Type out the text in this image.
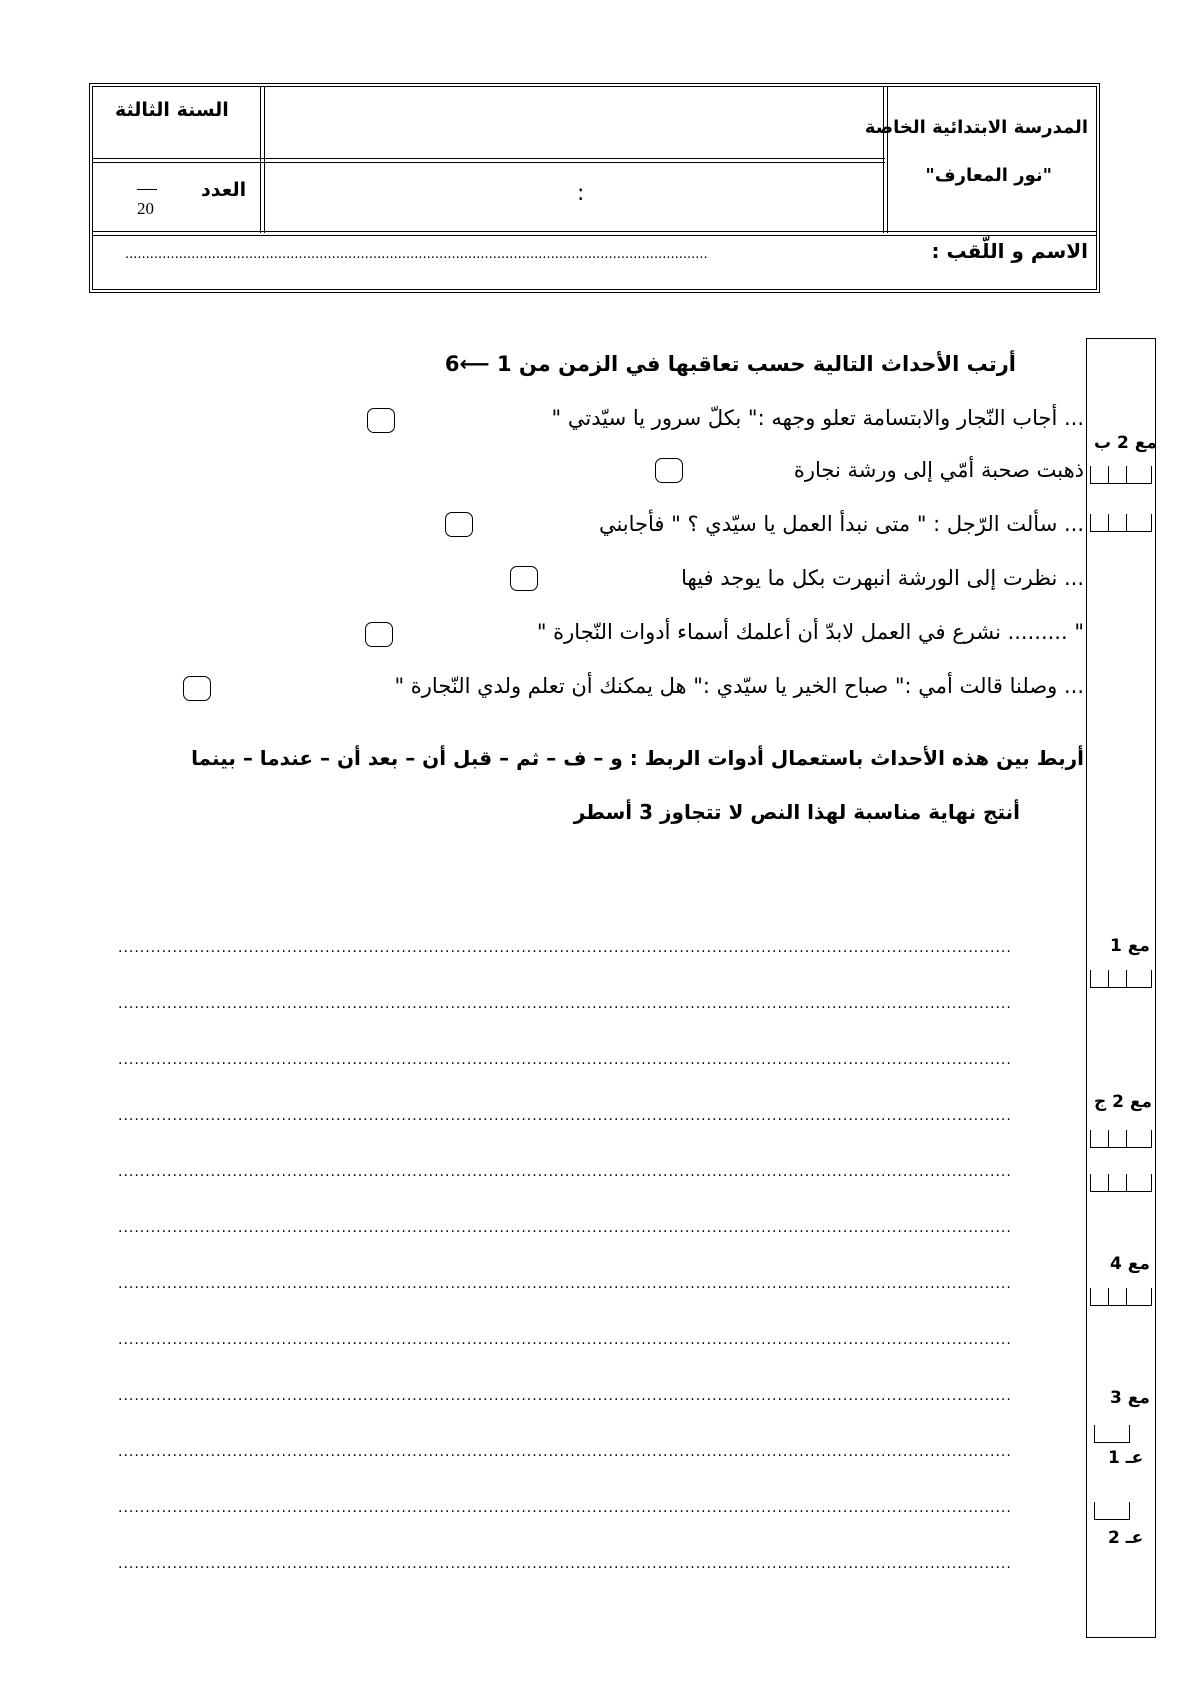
المدرسة الابتدائية الخاصة
"نور المعارف"
السنة الثالثة
العدد
20
:
الاسم و اللّقب :
.............................................................................................................................................
مع 2 ب
مع 1
مع 2 ج
مع 4
مع 3
عـ 1
عـ 2
أرتب الأحداث التالية حسب تعاقبها في الزمن من 1 ⟵6
... أجاب النّجار والابتسامة تعلو وجهه :" بكلّ سرور يا سيّدتي "
ذهبت صحبة أمّي إلى ورشة نجارة
... سألت الرّجل : " متى نبدأ العمل يا سيّدي ؟ " فأجابني
... نظرت إلى الورشة انبهرت بكل ما يوجد فيها
" ......... نشرع في العمل لابدّ أن أعلمك أسماء أدوات النّجارة "
... وصلنا قالت أمي :" صباح الخير يا سيّدي :" هل يمكنك أن تعلم ولدي النّجارة "
أربط بين هذه الأحداث باستعمال أدوات الربط : و – ف – ثم – قبل أن – بعد أن – عندما – بينما
أنتج نهاية مناسبة لهذا النص لا تتجاوز 3 أسطر
....................................................................................................................................................................
....................................................................................................................................................................
....................................................................................................................................................................
....................................................................................................................................................................
....................................................................................................................................................................
....................................................................................................................................................................
....................................................................................................................................................................
....................................................................................................................................................................
....................................................................................................................................................................
....................................................................................................................................................................
....................................................................................................................................................................
....................................................................................................................................................................
